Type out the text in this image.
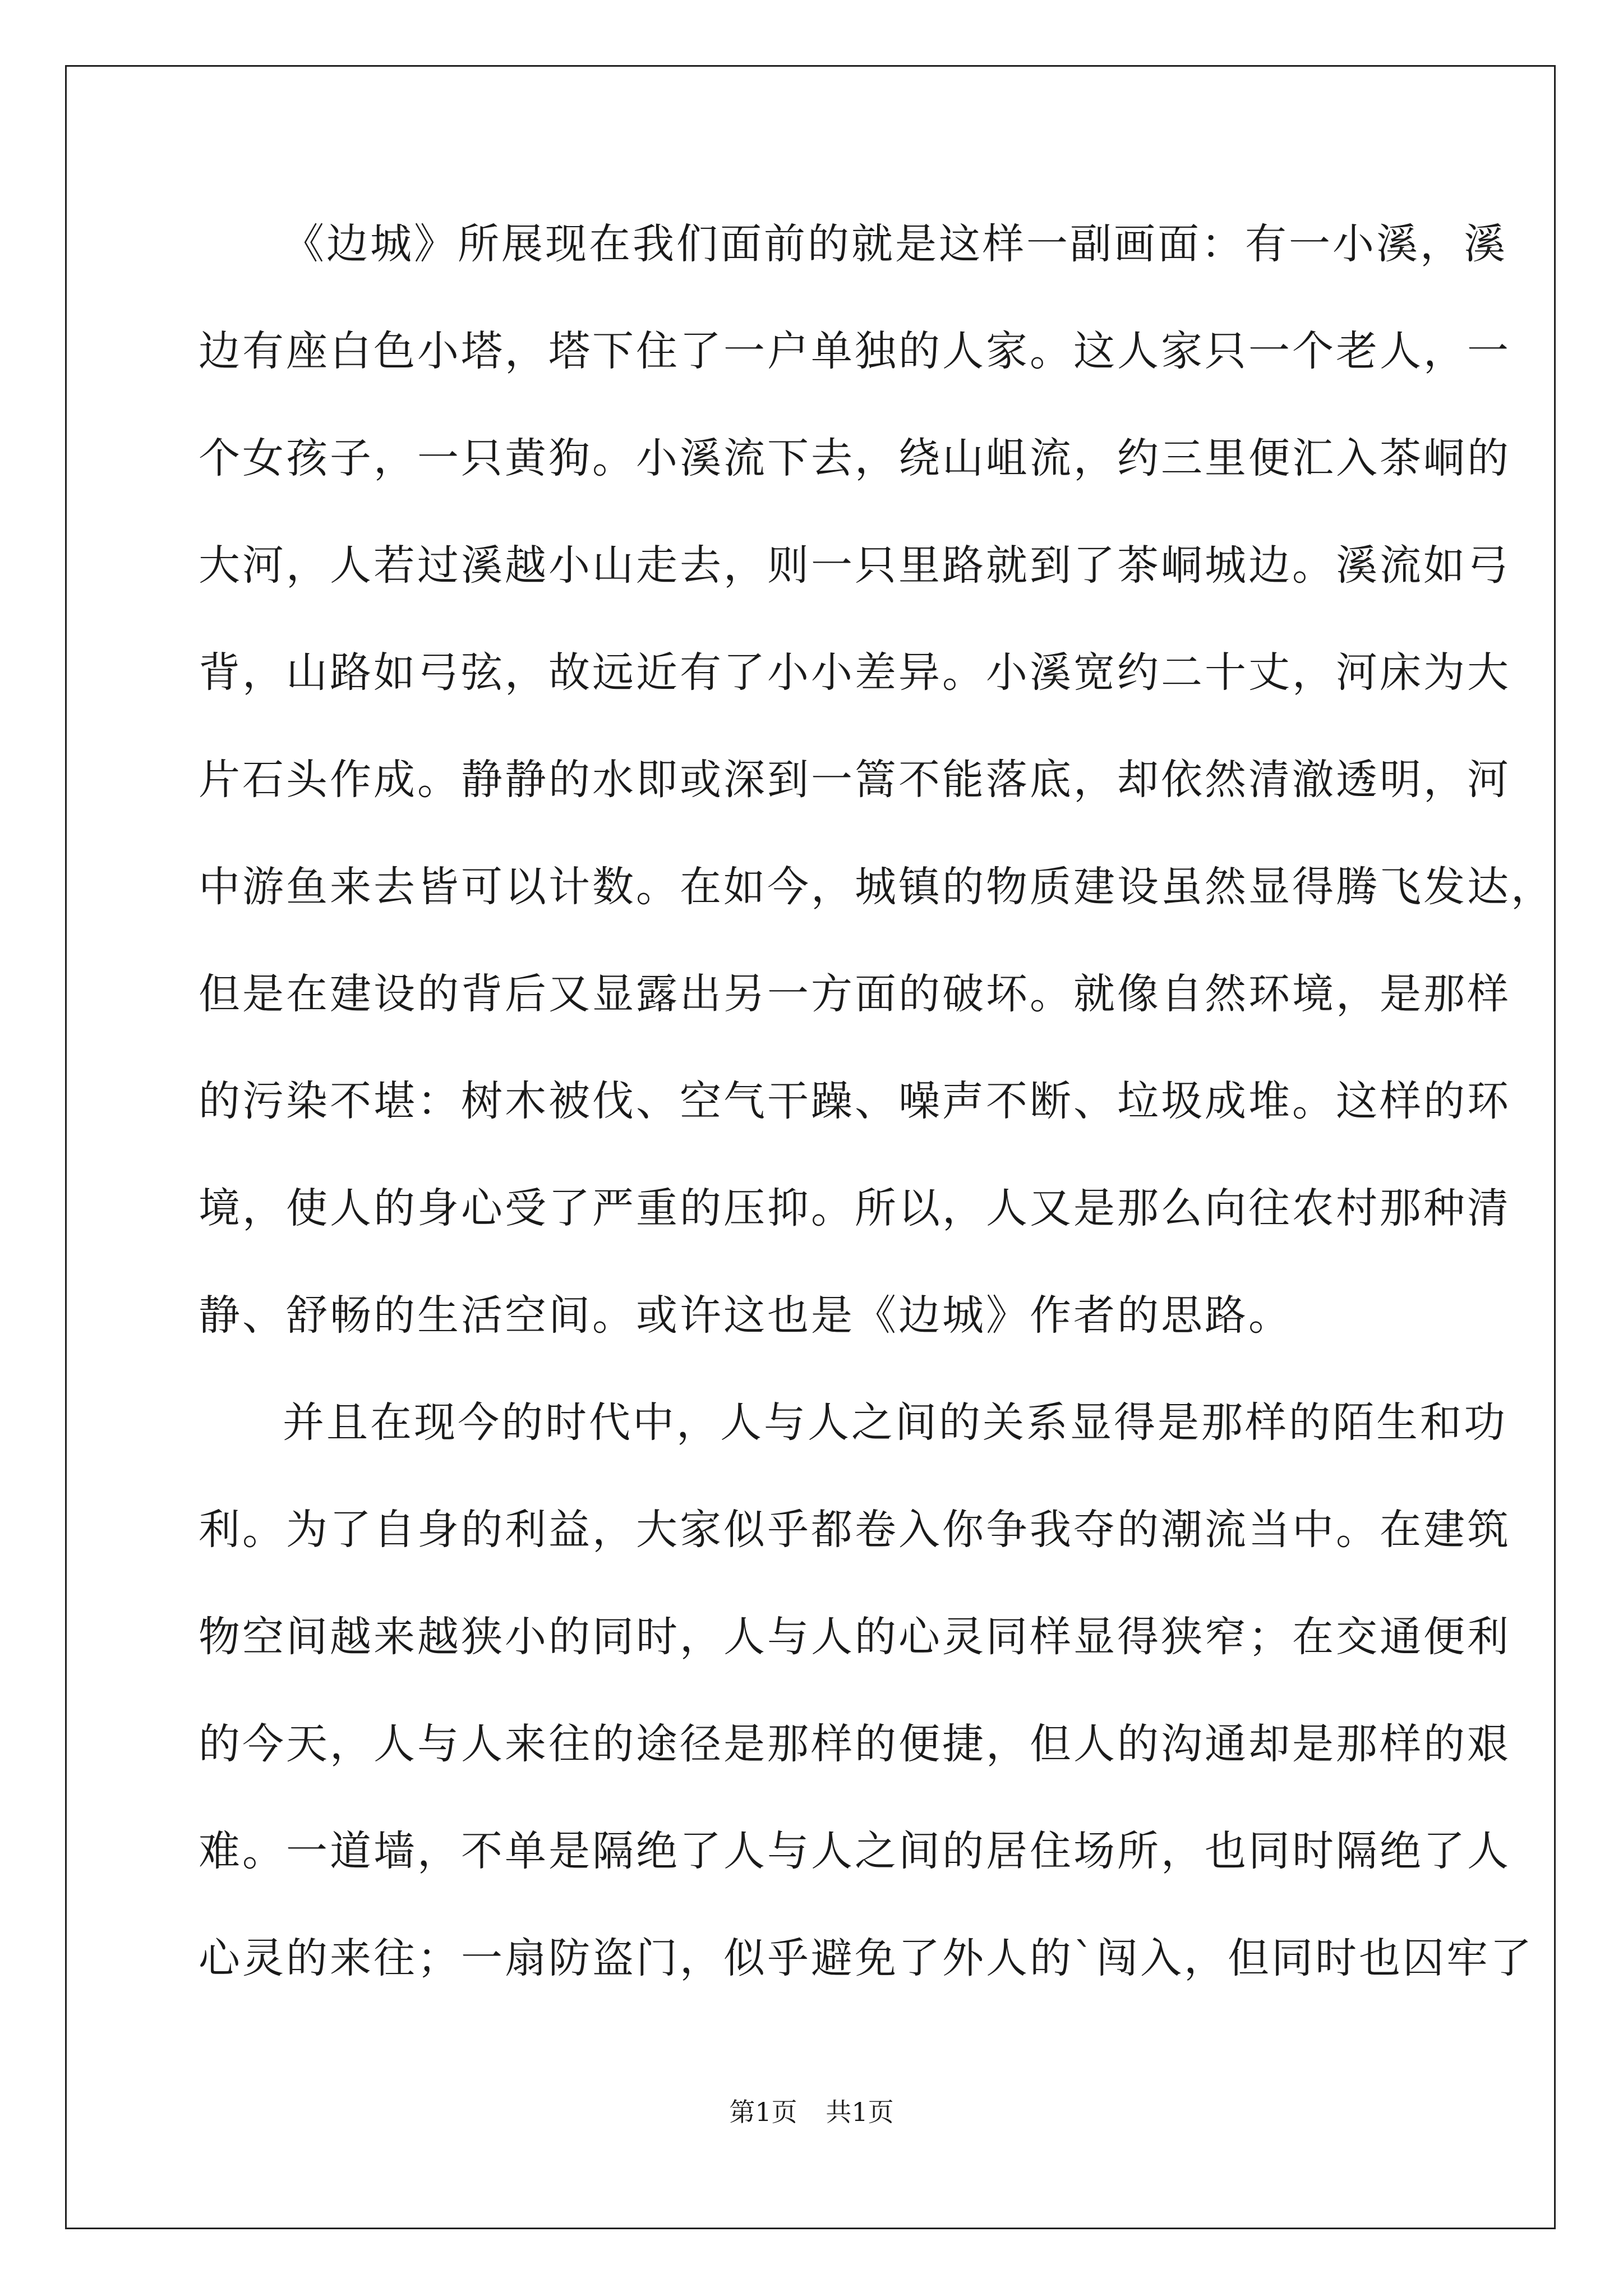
《边城》所展现在我们面前的就是这样一副画面：有一小溪，溪
边有座白色小塔，塔下住了一户单独的人家。这人家只一个老人，一
个女孩子，一只黄狗。小溪流下去，绕山岨流，约三里便汇入茶峒的
大河，人若过溪越小山走去，则一只里路就到了茶峒城边。溪流如弓
背，山路如弓弦，故远近有了小小差异。小溪宽约二十丈，河床为大
片石头作成。静静的水即或深到一篙不能落底，却依然清澈透明，河
中游鱼来去皆可以计数。在如今，城镇的物质建设虽然显得腾飞发达，
但是在建设的背后又显露出另一方面的破坏。就像自然环境，是那样
的污染不堪：树木被伐、空气干躁、噪声不断、垃圾成堆。这样的环
境，使人的身心受了严重的压抑。所以，人又是那么向往农村那种清
静、舒畅的生活空间。或许这也是《边城》作者的思路。
并且在现今的时代中，人与人之间的关系显得是那样的陌生和功
利。为了自身的利益，大家似乎都卷入你争我夺的潮流当中。在建筑
物空间越来越狭小的同时，人与人的心灵同样显得狭窄；在交通便利
的今天，人与人来往的途径是那样的便捷，但人的沟通却是那样的艰
难。一道墙，不单是隔绝了人与人之间的居住场所，也同时隔绝了人
心灵的来往；一扇防盗门，似乎避免了外人的`闯入，但同时也囚牢了
第1页 共1页
